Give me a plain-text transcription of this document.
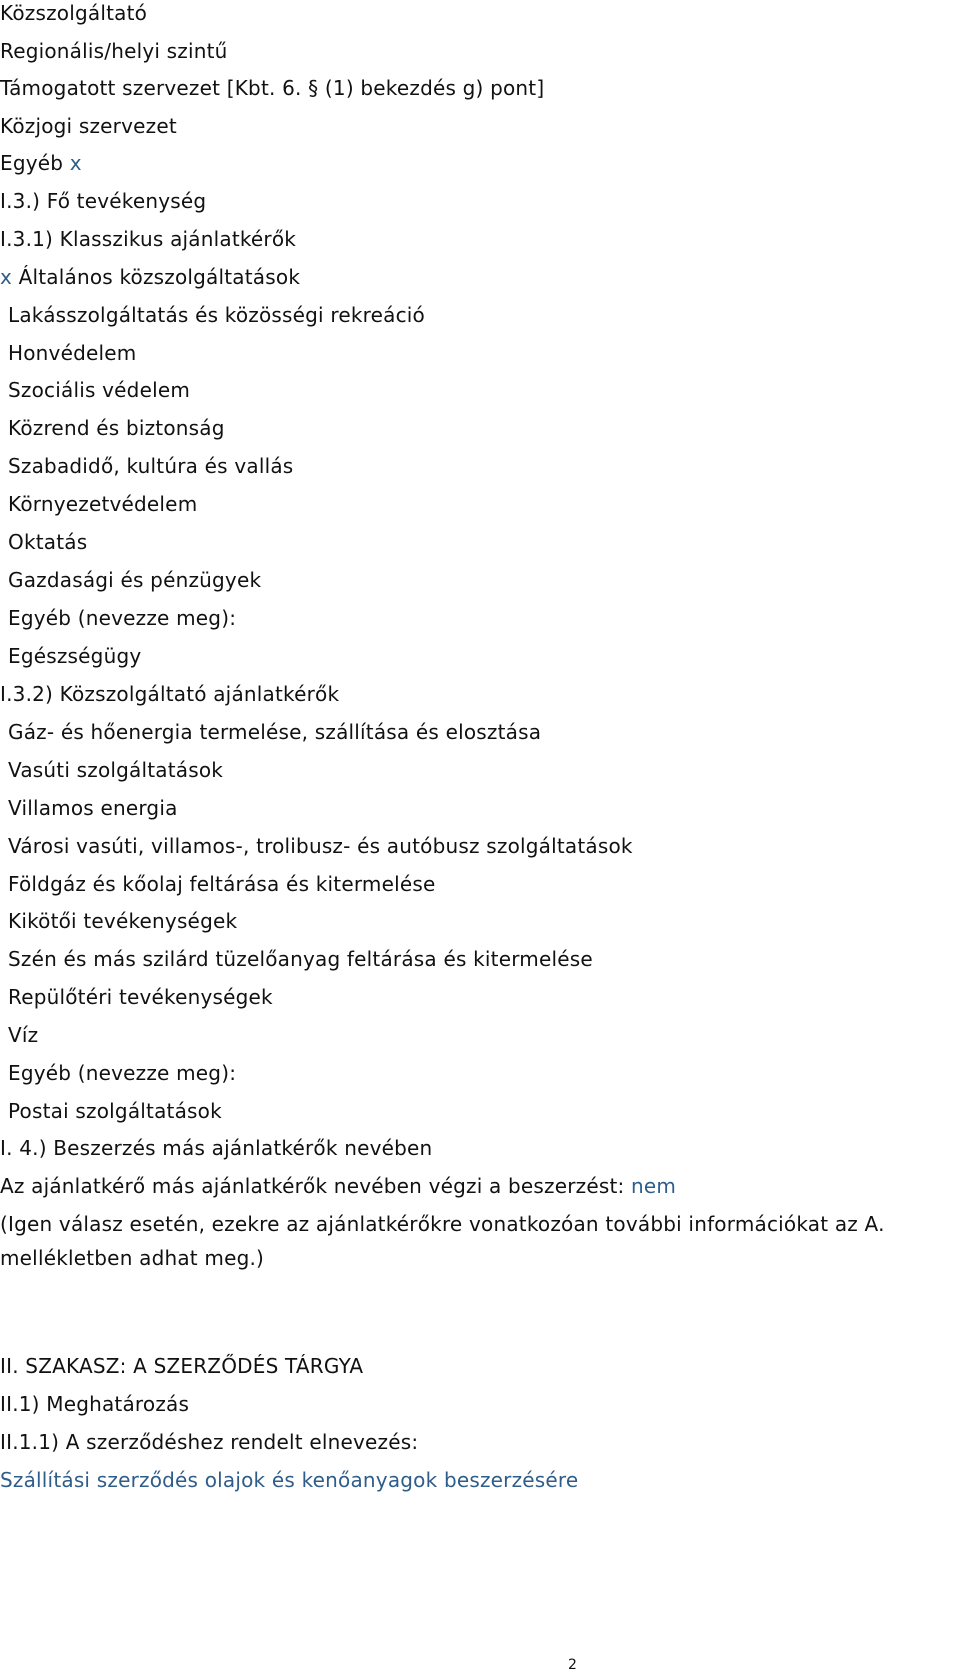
Közszolgáltató
Regionális/helyi szintű
Támogatott szervezet [Kbt. 6. § (1) bekezdés g) pont]
Közjogi szervezet
Egyéb x
I.3.) Fő tevékenység
I.3.1) Klasszikus ajánlatkérők
x Általános közszolgáltatások
Lakásszolgáltatás és közösségi rekreáció
Honvédelem
Szociális védelem
Közrend és biztonság
Szabadidő, kultúra és vallás
Környezetvédelem
Oktatás
Gazdasági és pénzügyek
Egyéb (nevezze meg):
Egészségügy
I.3.2) Közszolgáltató ajánlatkérők
Gáz- és hőenergia termelése, szállítása és elosztása
Vasúti szolgáltatások
Villamos energia
Városi vasúti, villamos-, trolibusz- és autóbusz szolgáltatások
Földgáz és kőolaj feltárása és kitermelése
Kikötői tevékenységek
Szén és más szilárd tüzelőanyag feltárása és kitermelése
Repülőtéri tevékenységek
Víz
Egyéb (nevezze meg):
Postai szolgáltatások
I. 4.) Beszerzés más ajánlatkérők nevében
Az ajánlatkérő más ajánlatkérők nevében végzi a beszerzést: nem
(Igen válasz esetén, ezekre az ajánlatkérőkre vonatkozóan további információkat az A.
mellékletben adhat meg.)
II. SZAKASZ: A SZERZŐDÉS TÁRGYA
II.1) Meghatározás
II.1.1) A szerződéshez rendelt elnevezés:
Szállítási szerződés olajok és kenőanyagok beszerzésére
2
